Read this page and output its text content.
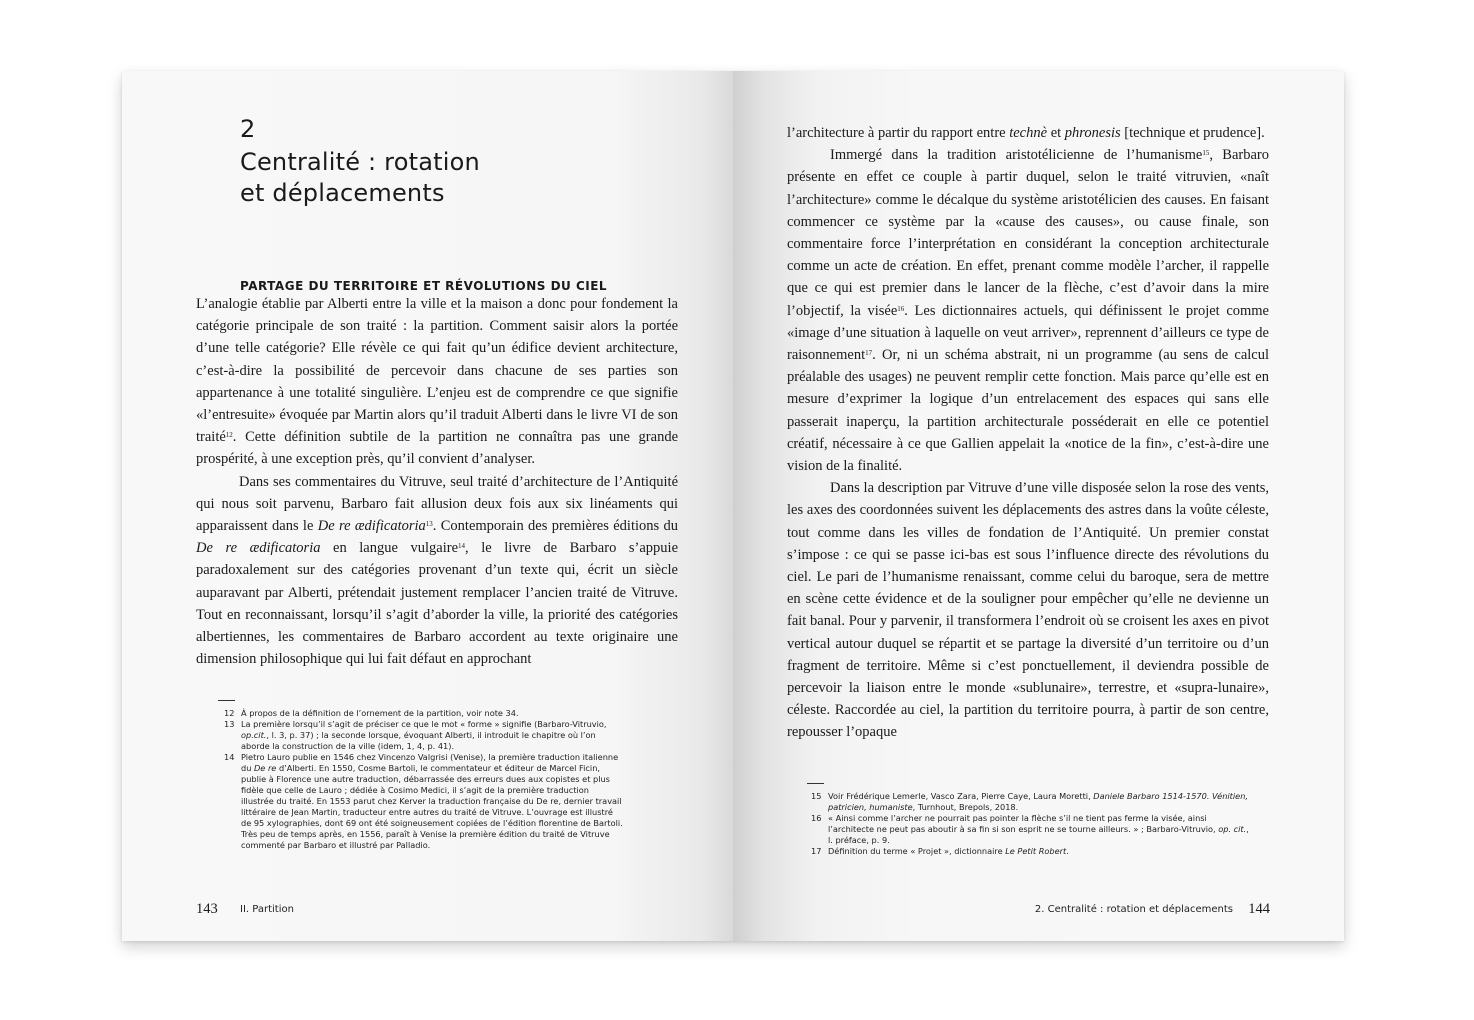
2
Centralité : rotation
et déplacements
PARTAGE DU TERRITOIRE ET RÉVOLUTIONS DU CIEL

L’analogie établie par Alberti entre la ville et la maison a donc pour fondement la catégorie principale de son traité : la partition. Comment saisir alors la portée d’une telle catégorie? Elle révèle ce qui fait qu’un édifice devient architecture, c’est-à-dire la possibilité de percevoir dans chacune de ses parties son appartenance à une totalité singulière. L’enjeu est de comprendre ce que signifie «l’entresuite» évoquée par Martin alors qu’il traduit Alberti dans le livre VI de son traité$^{12}$. Cette définition subtile de la partition ne connaîtra pas une grande prospérité, à une exception près, qu’il convient d’analyser.

Dans ses commentaires du Vitruve, seul traité d’architecture de l’Antiquité qui nous soit parvenu, Barbaro fait allusion deux fois aux six linéaments qui apparaissent dans le De re ædificatoria$^{13}$. Contemporain des premières éditions du De re ædificatoria en langue vulgaire$^{14}$, le livre de Barbaro s’appuie paradoxalement sur des catégories provenant d’un texte qui, écrit un siècle auparavant par Alberti, prétendait justement remplacer l’ancien traité de Vitruve. Tout en reconnaissant, lorsqu’il s’agit d’aborder la ville, la priorité des catégories albertiennes, les commentaires de Barbaro accordent au texte originaire une dimension philosophique qui lui fait défaut en approchant

12 À propos de la définition de l’ornement de la partition, voir note 34.

13 La première lorsqu’il s’agit de préciser ce que le mot « forme » signifie (Barbaro-Vitruvio, op.cit., l. 3, p. 37) ; la seconde lorsque, évoquant Alberti, il introduit le chapitre où l’on aborde la construction de la ville (idem, 1, 4, p. 41).

14 Pietro Lauro publie en 1546 chez Vincenzo Valgrisi (Venise), la première traduction italienne du De re d’Alberti. En 1550, Cosme Bartoli, le commentateur et éditeur de Marcel Ficin, publie à Florence une autre traduction, débarrassée des erreurs dues aux copistes et plus fidèle que celle de Lauro ; dédiée à Cosimo Medici, il s’agit de la première traduction illustrée du traité. En 1553 parut chez Kerver la traduction française du De re, dernier travail littéraire de Jean Martin, traducteur entre autres du traité de Vitruve. L’ouvrage est illustré de 95 xylographies, dont 69 ont été soigneusement copiées de l’édition florentine de Bartoli. Très peu de temps après, en 1556, paraît à Venise la première édition du traité de Vitruve commenté par Barbaro et illustré par Palladio.

143 II. Partition

l’architecture à partir du rapport entre technè et phronesis [technique et prudence].

Immergé dans la tradition aristotélicienne de l’humanisme$^{15}$, Barbaro présente en effet ce couple à partir duquel, selon le traité vitruvien, «naît l’architecture» comme le décalque du système aristotélicien des causes. En faisant commencer ce système par la «cause des causes», ou cause finale, son commentaire force l’interprétation en considérant la conception architecturale comme un acte de création. En effet, prenant comme modèle l’archer, il rappelle que ce qui est premier dans le lancer de la flèche, c’est d’avoir dans la mire l’objectif, la visée$^{16}$. Les dictionnaires actuels, qui définissent le projet comme «image d’une situation à laquelle on veut arriver», reprennent d’ailleurs ce type de raisonnement$^{17}$. Or, ni un schéma abstrait, ni un programme (au sens de calcul préalable des usages) ne peuvent remplir cette fonction. Mais parce qu’elle est en mesure d’exprimer la logique d’un entrelacement des espaces qui sans elle passerait inaperçu, la partition architecturale posséderait en elle ce potentiel créatif, nécessaire à ce que Gallien appelait la «notice de la fin», c’est-à-dire une vision de la finalité.

Dans la description par Vitruve d’une ville disposée selon la rose des vents, les axes des coordonnées suivent les déplacements des astres dans la voûte céleste, tout comme dans les villes de fondation de l’Antiquité. Un premier constat s’impose : ce qui se passe ici-bas est sous l’influence directe des révolutions du ciel. Le pari de l’humanisme renaissant, comme celui du baroque, sera de mettre en scène cette évidence et de la souligner pour empêcher qu’elle ne devienne un fait banal. Pour y parvenir, il transformera l’endroit où se croisent les axes en pivot vertical autour duquel se répartit et se partage la diversité d’un territoire ou d’un fragment de territoire. Même si c’est ponctuellement, il deviendra possible de percevoir la liaison entre le monde «sublunaire», terrestre, et «supra-lunaire», céleste. Raccordée au ciel, la partition du territoire pourra, à partir de son centre, repousser l’opaque

15 Voir Frédérique Lemerle, Vasco Zara, Pierre Caye, Laura Moretti, Daniele Barbaro 1514-1570. Vénitien, patricien, humaniste, Turnhout, Brepols, 2018.

16 « Ainsi comme l’archer ne pourrait pas pointer la flèche s’il ne tient pas ferme la visée, ainsi l’architecte ne peut pas aboutir à sa fin si son esprit ne se tourne ailleurs. » ; Barbaro-Vitruvio, op. cit., l. préface, p. 9.

17 Définition du terme « Projet », dictionnaire Le Petit Robert.

2. Centralité : rotation et déplacements 144
